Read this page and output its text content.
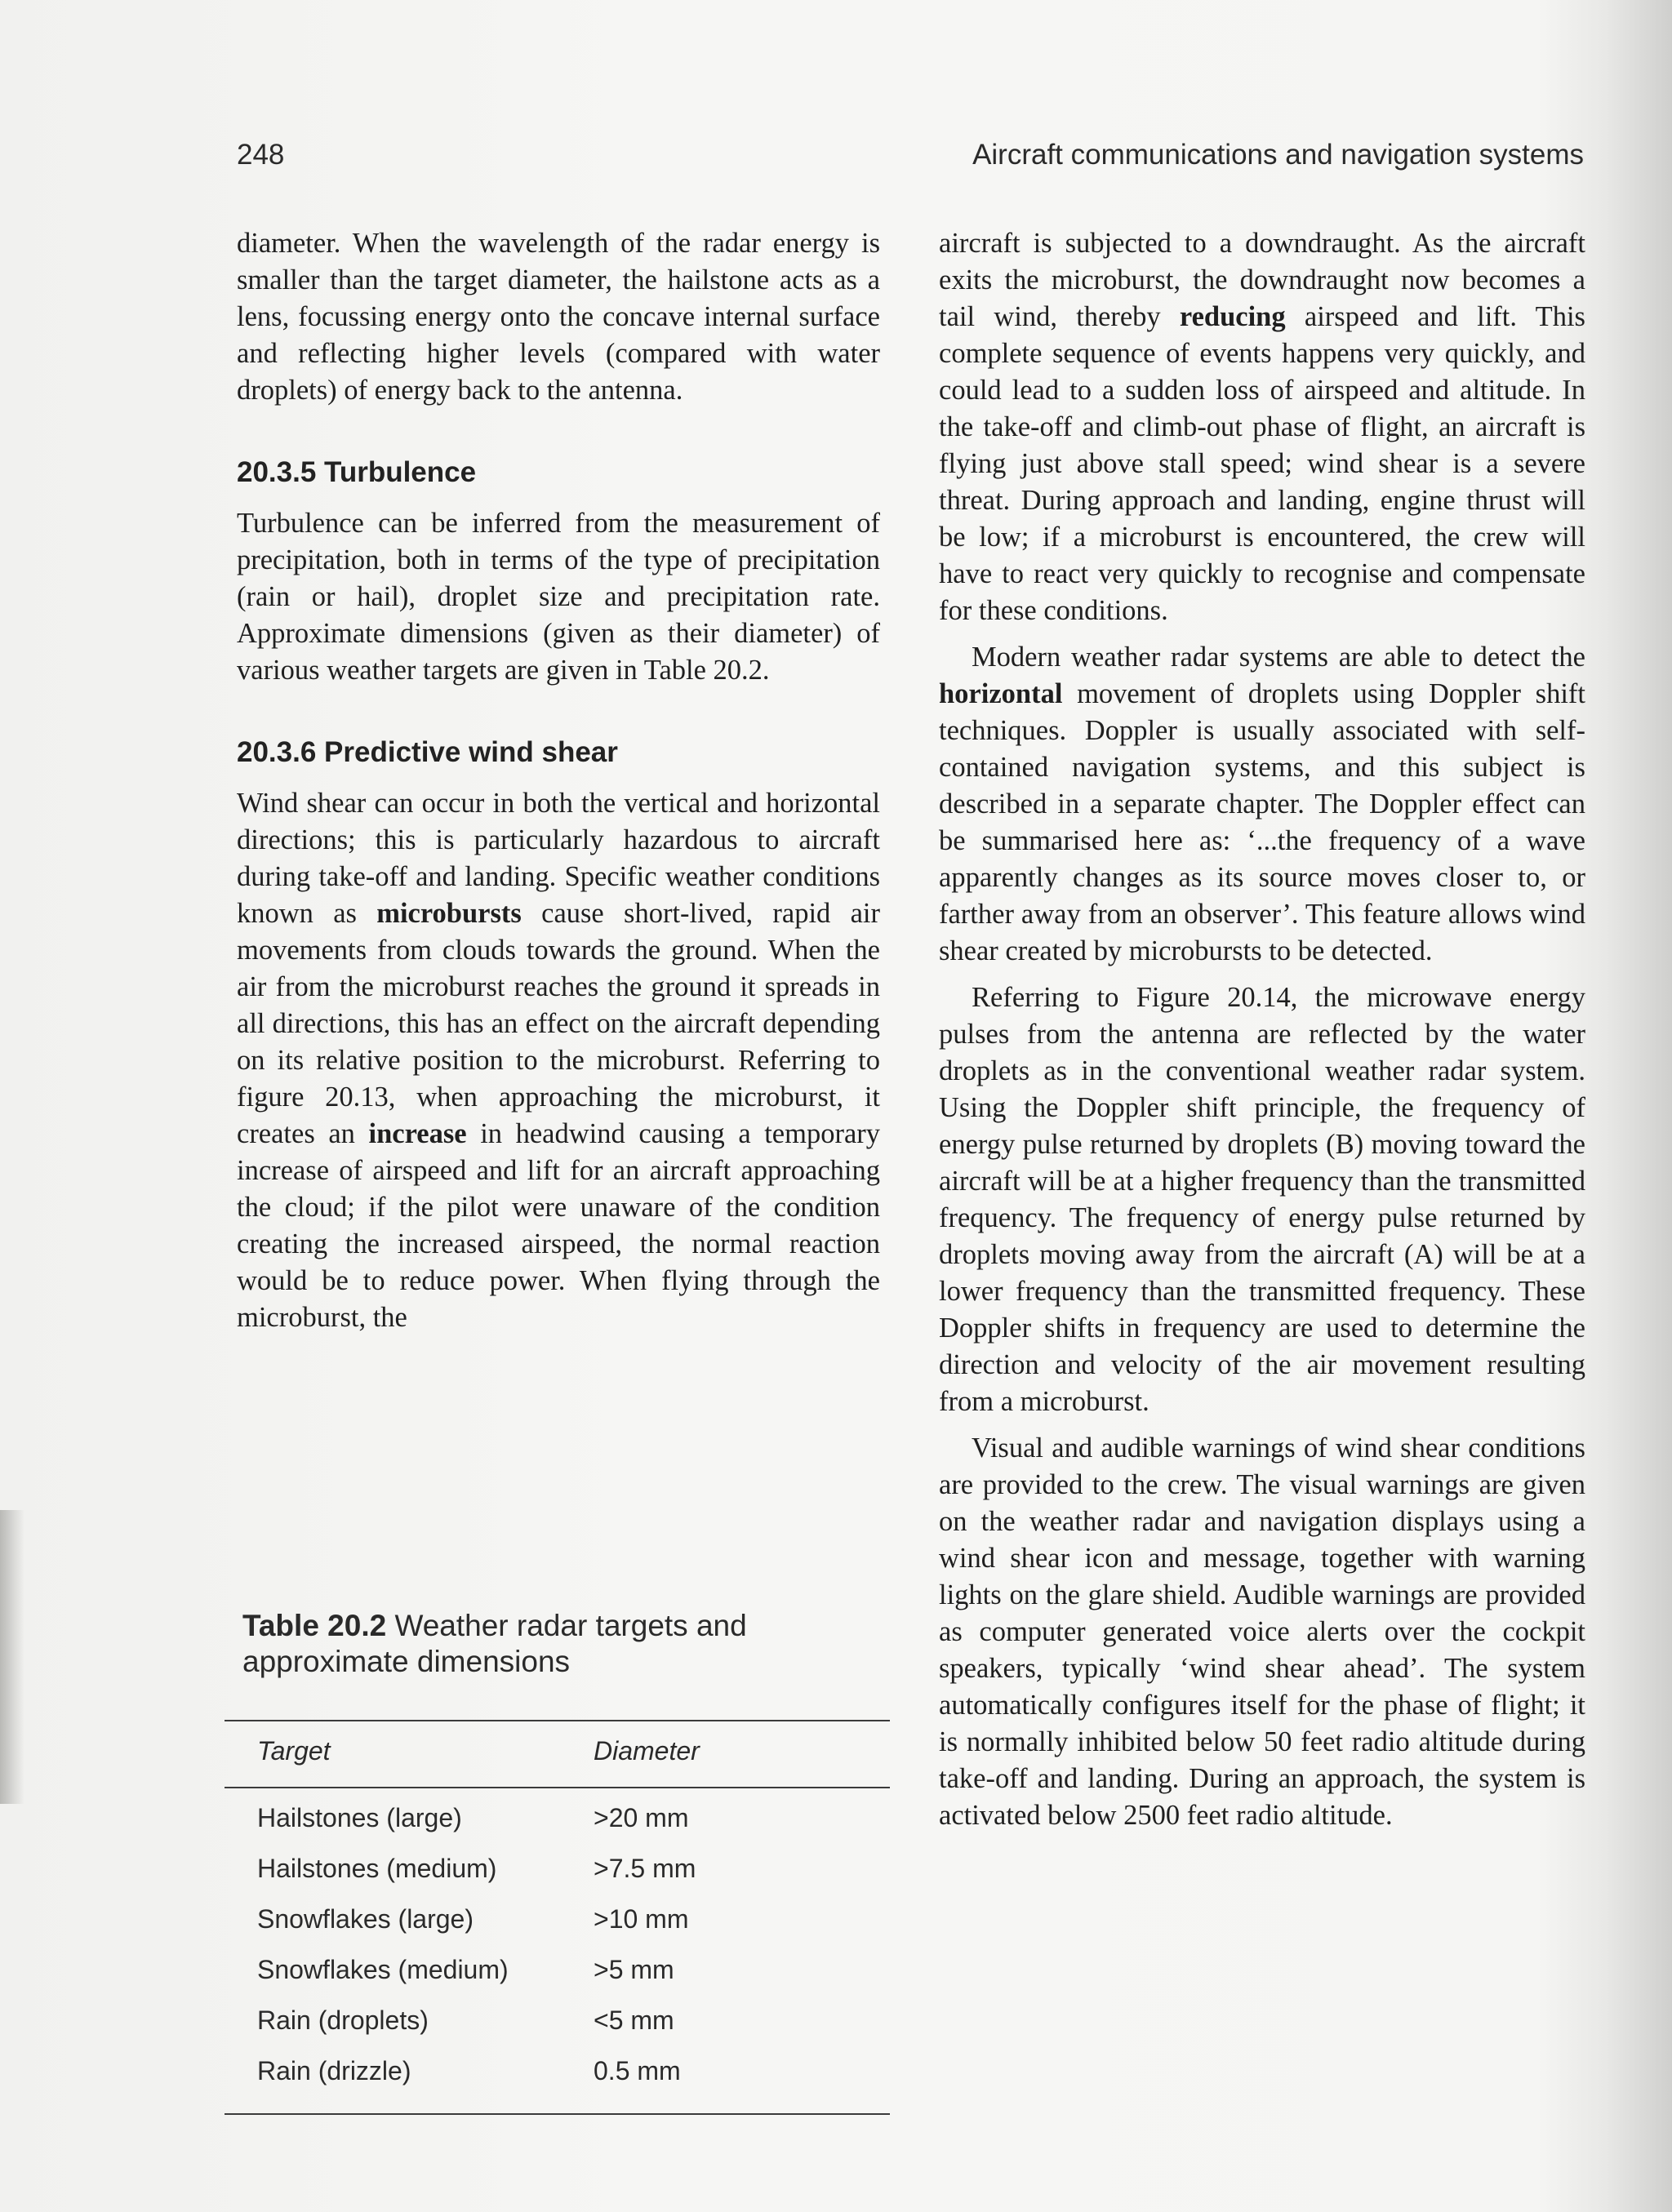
248	Aircraft communications and navigation systems

diameter. When the wavelength of the radar energy is smaller than the target diameter, the hailstone acts as a lens, focussing energy onto the concave internal surface and reflecting higher levels (compared with water droplets) of energy back to the antenna.

20.3.5 Turbulence

Turbulence can be inferred from the measurement of precipitation, both in terms of the type of precipitation (rain or hail), droplet size and precipitation rate. Approximate dimensions (given as their diameter) of various weather targets are given in Table 20.2.

20.3.6 Predictive wind shear

Wind shear can occur in both the vertical and horizontal directions; this is particularly hazardous to aircraft during take-off and landing. Specific weather conditions known as microbursts cause short-lived, rapid air movements from clouds towards the ground. When the air from the microburst reaches the ground it spreads in all directions, this has an effect on the aircraft depending on its relative position to the microburst. Referring to figure 20.13, when approaching the microburst, it creates an increase in headwind causing a temporary increase of airspeed and lift for an aircraft approaching the cloud; if the pilot were unaware of the condition creating the increased airspeed, the normal reaction would be to reduce power. When flying through the microburst, the

Table 20.2 Weather radar targets and approximate dimensions
Target	Diameter
Hailstones (large)	>20 mm
Hailstones (medium)	>7.5 mm
Snowflakes (large)	>10 mm
Snowflakes (medium)	>5 mm
Rain (droplets)	<5 mm
Rain (drizzle)	0.5 mm

aircraft is subjected to a downdraught. As the aircraft exits the microburst, the downdraught now becomes a tail wind, thereby reducing airspeed and lift. This complete sequence of events happens very quickly, and could lead to a sudden loss of airspeed and altitude. In the take-off and climb-out phase of flight, an aircraft is flying just above stall speed; wind shear is a severe threat. During approach and landing, engine thrust will be low; if a microburst is encountered, the crew will have to react very quickly to recognise and compensate for these conditions.

Modern weather radar systems are able to detect the horizontal movement of droplets using Doppler shift techniques. Doppler is usually associated with self-contained navigation systems, and this subject is described in a separate chapter. The Doppler effect can be summarised here as: ‘...the frequency of a wave apparently changes as its source moves closer to, or farther away from an observer’. This feature allows wind shear created by microbursts to be detected.

Referring to Figure 20.14, the microwave energy pulses from the antenna are reflected by the water droplets as in the conventional weather radar system. Using the Doppler shift principle, the frequency of energy pulse returned by droplets (B) moving toward the aircraft will be at a higher frequency than the transmitted frequency. The frequency of energy pulse returned by droplets moving away from the aircraft (A) will be at a lower frequency than the transmitted frequency. These Doppler shifts in frequency are used to determine the direction and velocity of the air movement resulting from a microburst.

Visual and audible warnings of wind shear conditions are provided to the crew. The visual warnings are given on the weather radar and navigation displays using a wind shear icon and message, together with warning lights on the glare shield. Audible warnings are provided as computer generated voice alerts over the cockpit speakers, typically ‘wind shear ahead’. The system automatically configures itself for the phase of flight; it is normally inhibited below 50 feet radio altitude during take-off and landing. During an approach, the system is activated below 2500 feet radio altitude.
